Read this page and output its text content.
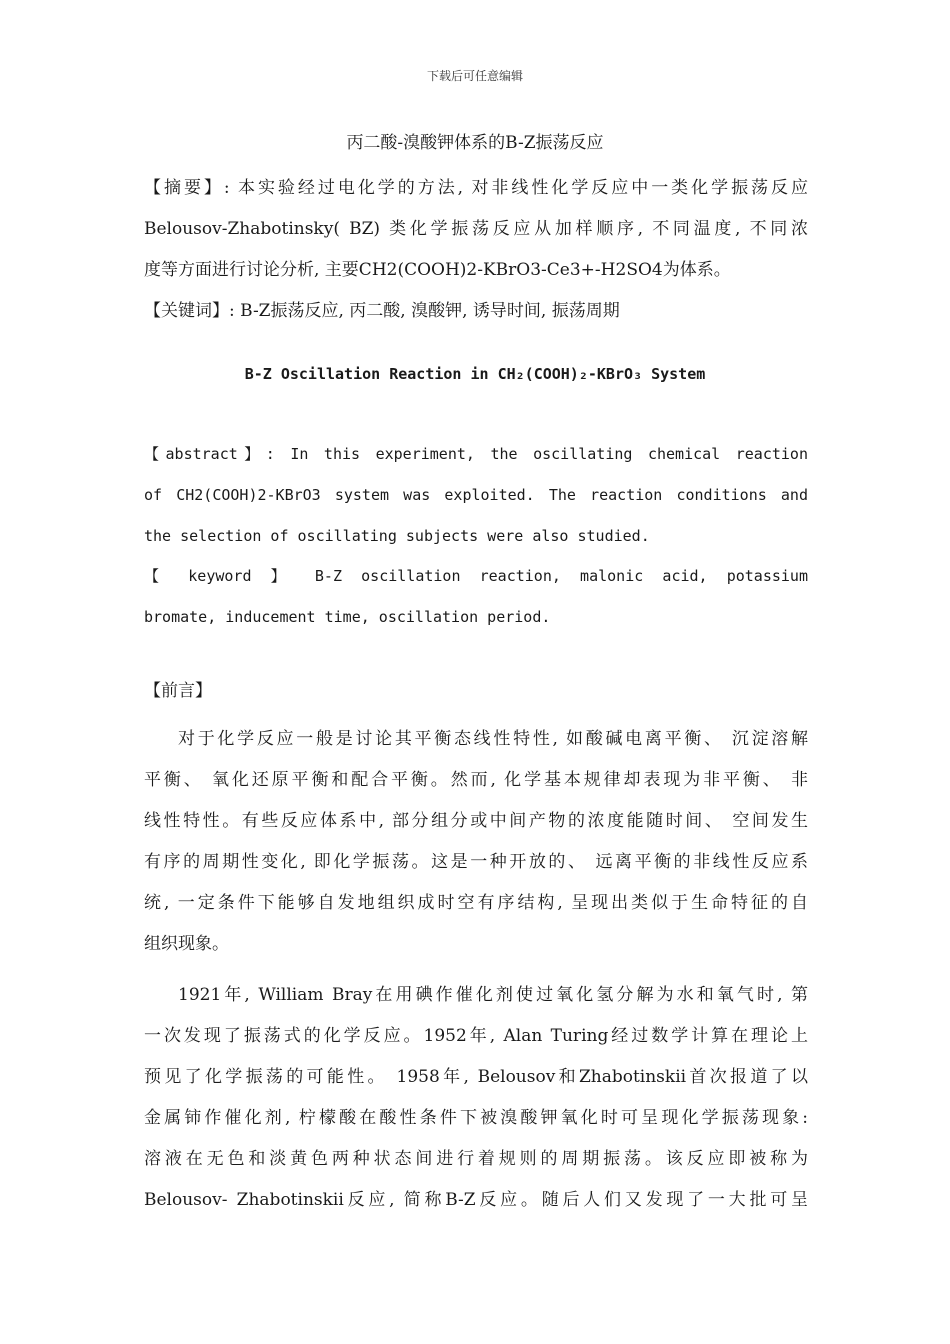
下载后可任意编辑
丙二酸-溴酸钾体系的B-Z振荡反应
【摘要】: 本实验经过电化学的方法, 对非线性化学反应中一类化学振荡反应
Belousov-Zhabotinsky( BZ) 类化学振荡反应从加样顺序, 不同温度, 不同浓
度等方面进行讨论分析, 主要CH2(COOH)2-KBrO3-Ce3+-H2SO4为体系。
【关键词】: B-Z振荡反应, 丙二酸, 溴酸钾, 诱导时间, 振荡周期
B-Z Oscillation Reaction in CH₂(COOH)₂-KBrO₃ System
【abstract】: In this experiment, the oscillating chemical reaction
of CH2(COOH)2-KBrO3 system was exploited. The reaction conditions and
the selection of oscillating subjects were also studied.
【 keyword 】 B-Z oscillation reaction, malonic acid, potassium
bromate, inducement time, oscillation period.
【前言】
对于化学反应一般是讨论其平衡态线性特性, 如酸碱电离平衡、 沉淀溶解
平衡、 氧化还原平衡和配合平衡。然而, 化学基本规律却表现为非平衡、 非
线性特性。有些反应体系中, 部分组分或中间产物的浓度能随时间、 空间发生
有序的周期性变化, 即化学振荡。这是一种开放的、 远离平衡的非线性反应系
统, 一定条件下能够自发地组织成时空有序结构, 呈现出类似于生命特征的自
组织现象。
1921年, William Bray在用碘作催化剂使过氧化氢分解为水和氧气时, 第
一次发现了振荡式的化学反应。1952年, Alan Turing经过数学计算在理论上
预见了化学振荡的可能性。 1958年, Belousov和Zhabotinskii首次报道了以
金属铈作催化剂, 柠檬酸在酸性条件下被溴酸钾氧化时可呈现化学振荡现象:
溶液在无色和淡黄色两种状态间进行着规则的周期振荡。该反应即被称为
Belousov- Zhabotinskii反应, 简称B-Z反应。随后人们又发现了一大批可呈
